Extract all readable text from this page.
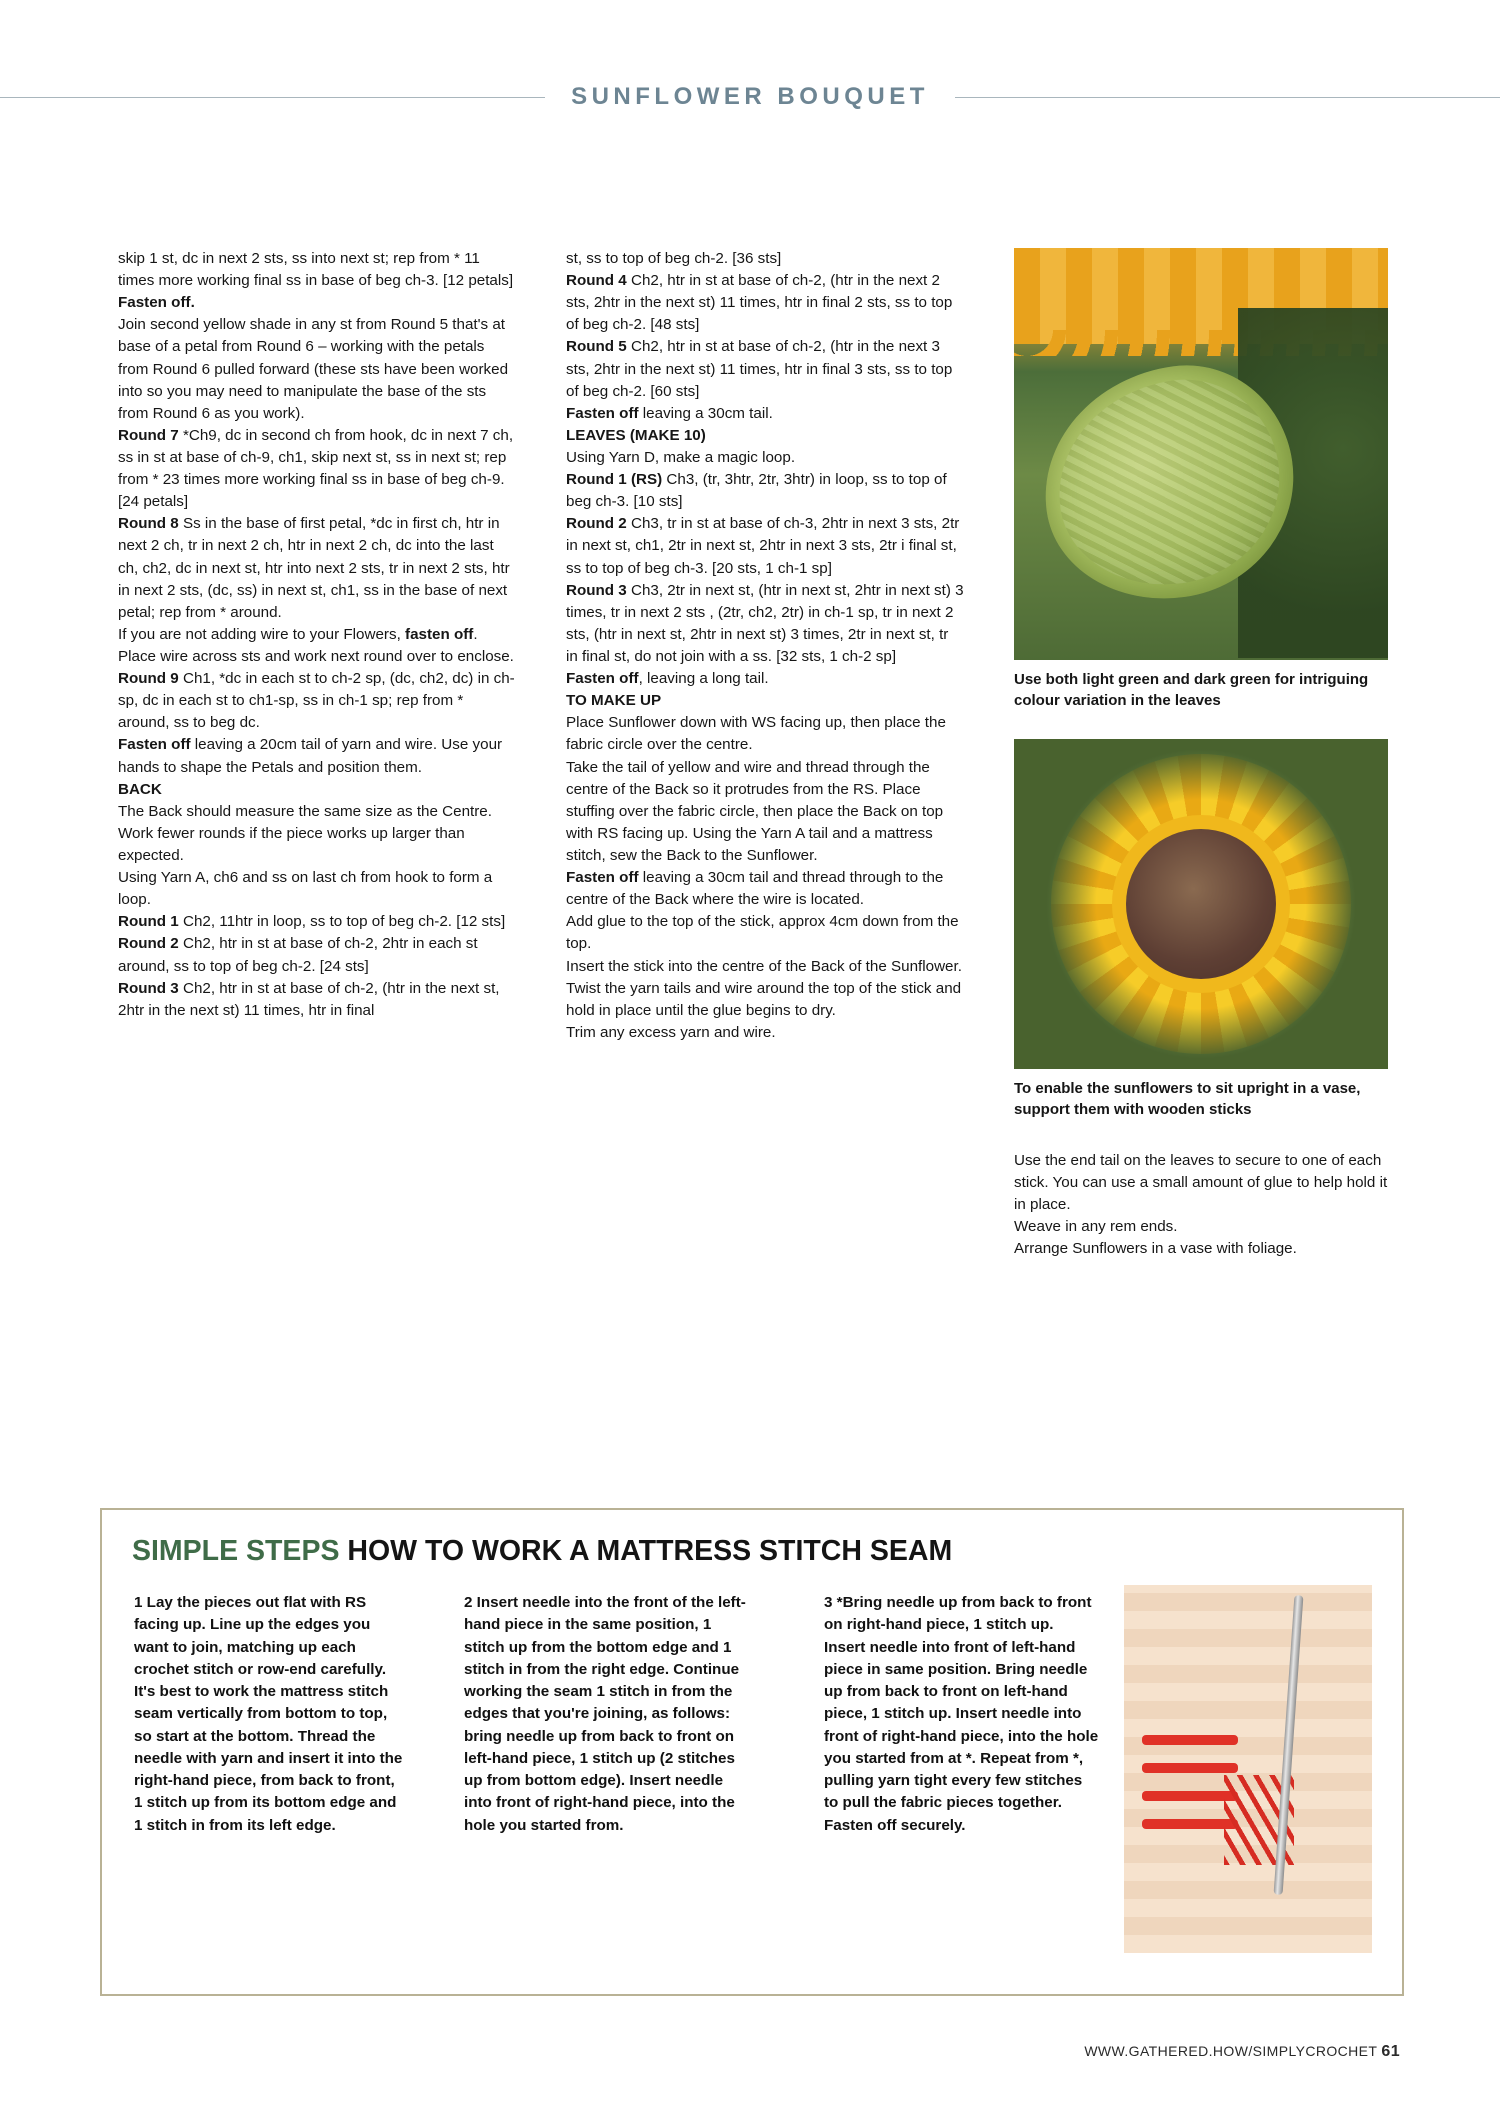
SUNFLOWER BOUQUET

skip 1 st, dc in next 2 sts, ss into next st; rep from * 11 times more working final ss in base of beg ch-3. [12 petals]

Fasten off.

Join second yellow shade in any st from Round 5 that's at base of a petal from Round 6 – working with the petals from Round 6 pulled forward (these sts have been worked into so you may need to manipulate the base of the sts from Round 6 as you work).

Round 7 *Ch9, dc in second ch from hook, dc in next 7 ch, ss in st at base of ch-9, ch1, skip next st, ss in next st; rep from * 23 times more working final ss in base of beg ch-9. [24 petals]

Round 8 Ss in the base of first petal, *dc in first ch, htr in next 2 ch, tr in next 2 ch, htr in next 2 ch, dc into the last ch, ch2, dc in next st, htr into next 2 sts, tr in next 2 sts, htr in next 2 sts, (dc, ss) in next st, ch1, ss in the base of next petal; rep from * around.

If you are not adding wire to your Flowers, fasten off.

Place wire across sts and work next round over to enclose.

Round 9 Ch1, *dc in each st to ch-2 sp, (dc, ch2, dc) in ch-sp, dc in each st to ch1-sp, ss in ch-1 sp; rep from * around, ss to beg dc.

Fasten off leaving a 20cm tail of yarn and wire. Use your hands to shape the Petals and position them.

BACK

The Back should measure the same size as the Centre. Work fewer rounds if the piece works up larger than expected.

Using Yarn A, ch6 and ss on last ch from hook to form a loop.

Round 1 Ch2, 11htr in loop, ss to top of beg ch-2. [12 sts]

Round 2 Ch2, htr in st at base of ch-2, 2htr in each st around, ss to top of beg ch-2. [24 sts]

Round 3 Ch2, htr in st at base of ch-2, (htr in the next st, 2htr in the next st) 11 times, htr in final

st, ss to top of beg ch-2. [36 sts]

Round 4 Ch2, htr in st at base of ch-2, (htr in the next 2 sts, 2htr in the next st) 11 times, htr in final 2 sts, ss to top of beg ch-2. [48 sts]

Round 5 Ch2, htr in st at base of ch-2, (htr in the next 3 sts, 2htr in the next st) 11 times, htr in final 3 sts, ss to top of beg ch-2. [60 sts]

Fasten off leaving a 30cm tail.

LEAVES (MAKE 10)

Using Yarn D, make a magic loop.

Round 1 (RS) Ch3, (tr, 3htr, 2tr, 3htr) in loop, ss to top of beg ch-3. [10 sts]

Round 2 Ch3, tr in st at base of ch-3, 2htr in next 3 sts, 2tr in next st, ch1, 2tr in next st, 2htr in next 3 sts, 2tr i final st, ss to top of beg ch-3. [20 sts, 1 ch-1 sp]

Round 3 Ch3, 2tr in next st, (htr in next st, 2htr in next st) 3 times, tr in next 2 sts , (2tr, ch2, 2tr) in ch-1 sp, tr in next 2 sts, (htr in next st, 2htr in next st) 3 times, 2tr in next st, tr in final st, do not join with a ss. [32 sts, 1 ch-2 sp]

Fasten off, leaving a long tail.

TO MAKE UP

Place Sunflower down with WS facing up, then place the fabric circle over the centre.

Take the tail of yellow and wire and thread through the centre of the Back so it protrudes from the RS. Place stuffing over the fabric circle, then place the Back on top with RS facing up. Using the Yarn A tail and a mattress stitch, sew the Back to the Sunflower.

Fasten off leaving a 30cm tail and thread through to the centre of the Back where the wire is located.

Add glue to the top of the stick, approx 4cm down from the top.

Insert the stick into the centre of the Back of the Sunflower. Twist the yarn tails and wire around the top of the stick and hold in place until the glue begins to dry.

Trim any excess yarn and wire.

Use both light green and dark green for intriguing colour variation in the leaves
To enable the sunflowers to sit upright in a vase, support them with wooden sticks

Use the end tail on the leaves to secure to one of each stick. You can use a small amount of glue to help hold it in place.

Weave in any rem ends.

Arrange Sunflowers in a vase with foliage.

SIMPLE STEPS HOW TO WORK A MATTRESS STITCH SEAM
1 Lay the pieces out flat with RS facing up. Line up the edges you want to join, matching up each crochet stitch or row-end carefully. It's best to work the mattress stitch seam vertically from bottom to top, so start at the bottom. Thread the needle with yarn and insert it into the right-hand piece, from back to front, 1 stitch up from its bottom edge and 1 stitch in from its left edge.
2 Insert needle into the front of the left-hand piece in the same position, 1 stitch up from the bottom edge and 1 stitch in from the right edge. Continue working the seam 1 stitch in from the edges that you're joining, as follows: bring needle up from back to front on left-hand piece, 1 stitch up (2 stitches up from bottom edge). Insert needle into front of right-hand piece, into the hole you started from.
3 *Bring needle up from back to front on right-hand piece, 1 stitch up. Insert needle into front of left-hand piece in same position. Bring needle up from back to front on left-hand piece, 1 stitch up. Insert needle into front of right-hand piece, into the hole you started from at *. Repeat from *, pulling yarn tight every few stitches to pull the fabric pieces together. Fasten off securely.
WWW.GATHERED.HOW/SIMPLYCROCHET 61
